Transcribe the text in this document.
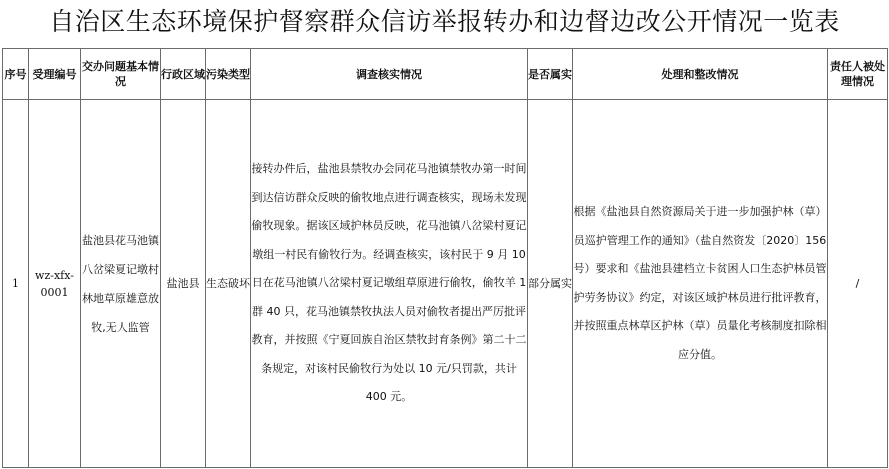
自治区生态环境保护督察群众信访举报转办和边督边改公开情况一览表
序号	受理编号	交办问题基本情况	行政区域	污染类型	调查核实情况	是否属实	处理和整改情况	责任人被处理情况
1	wz-xfx-0001	盐池县花马池镇八岔梁夏记墩村林地草原雄意放牧,无人监管	盐池县	生态破坏	接转办件后，盐池县禁牧办会同花马池镇禁牧办第一时间到达信访群众反映的偷牧地点进行调查核实，现场未发现偷牧现象。据该区域护林员反映，花马池镇八岔梁村夏记墩组一村民有偷牧行为。经调查核实，该村民于 9 月 10 日在花马池镇八岔梁村夏记墩组草原进行偷牧，偷牧羊 1 群 40 只，花马池镇禁牧执法人员对偷牧者提出严厉批评教育，并按照《宁夏回族自治区禁牧封育条例》第二十二条规定，对该村民偷牧行为处以 10 元/只罚款，共计 400 元。	部分属实	根据《盐池县自然资源局关于进一步加强护林（草）员巡护管理工作的通知》（盐自然资发〔2020〕156 号）要求和《盐池县建档立卡贫困人口生态护林员管护劳务协议》约定，对该区域护林员进行批评教育，并按照重点林草区护林（草）员量化考核制度扣除相应分值。	/
